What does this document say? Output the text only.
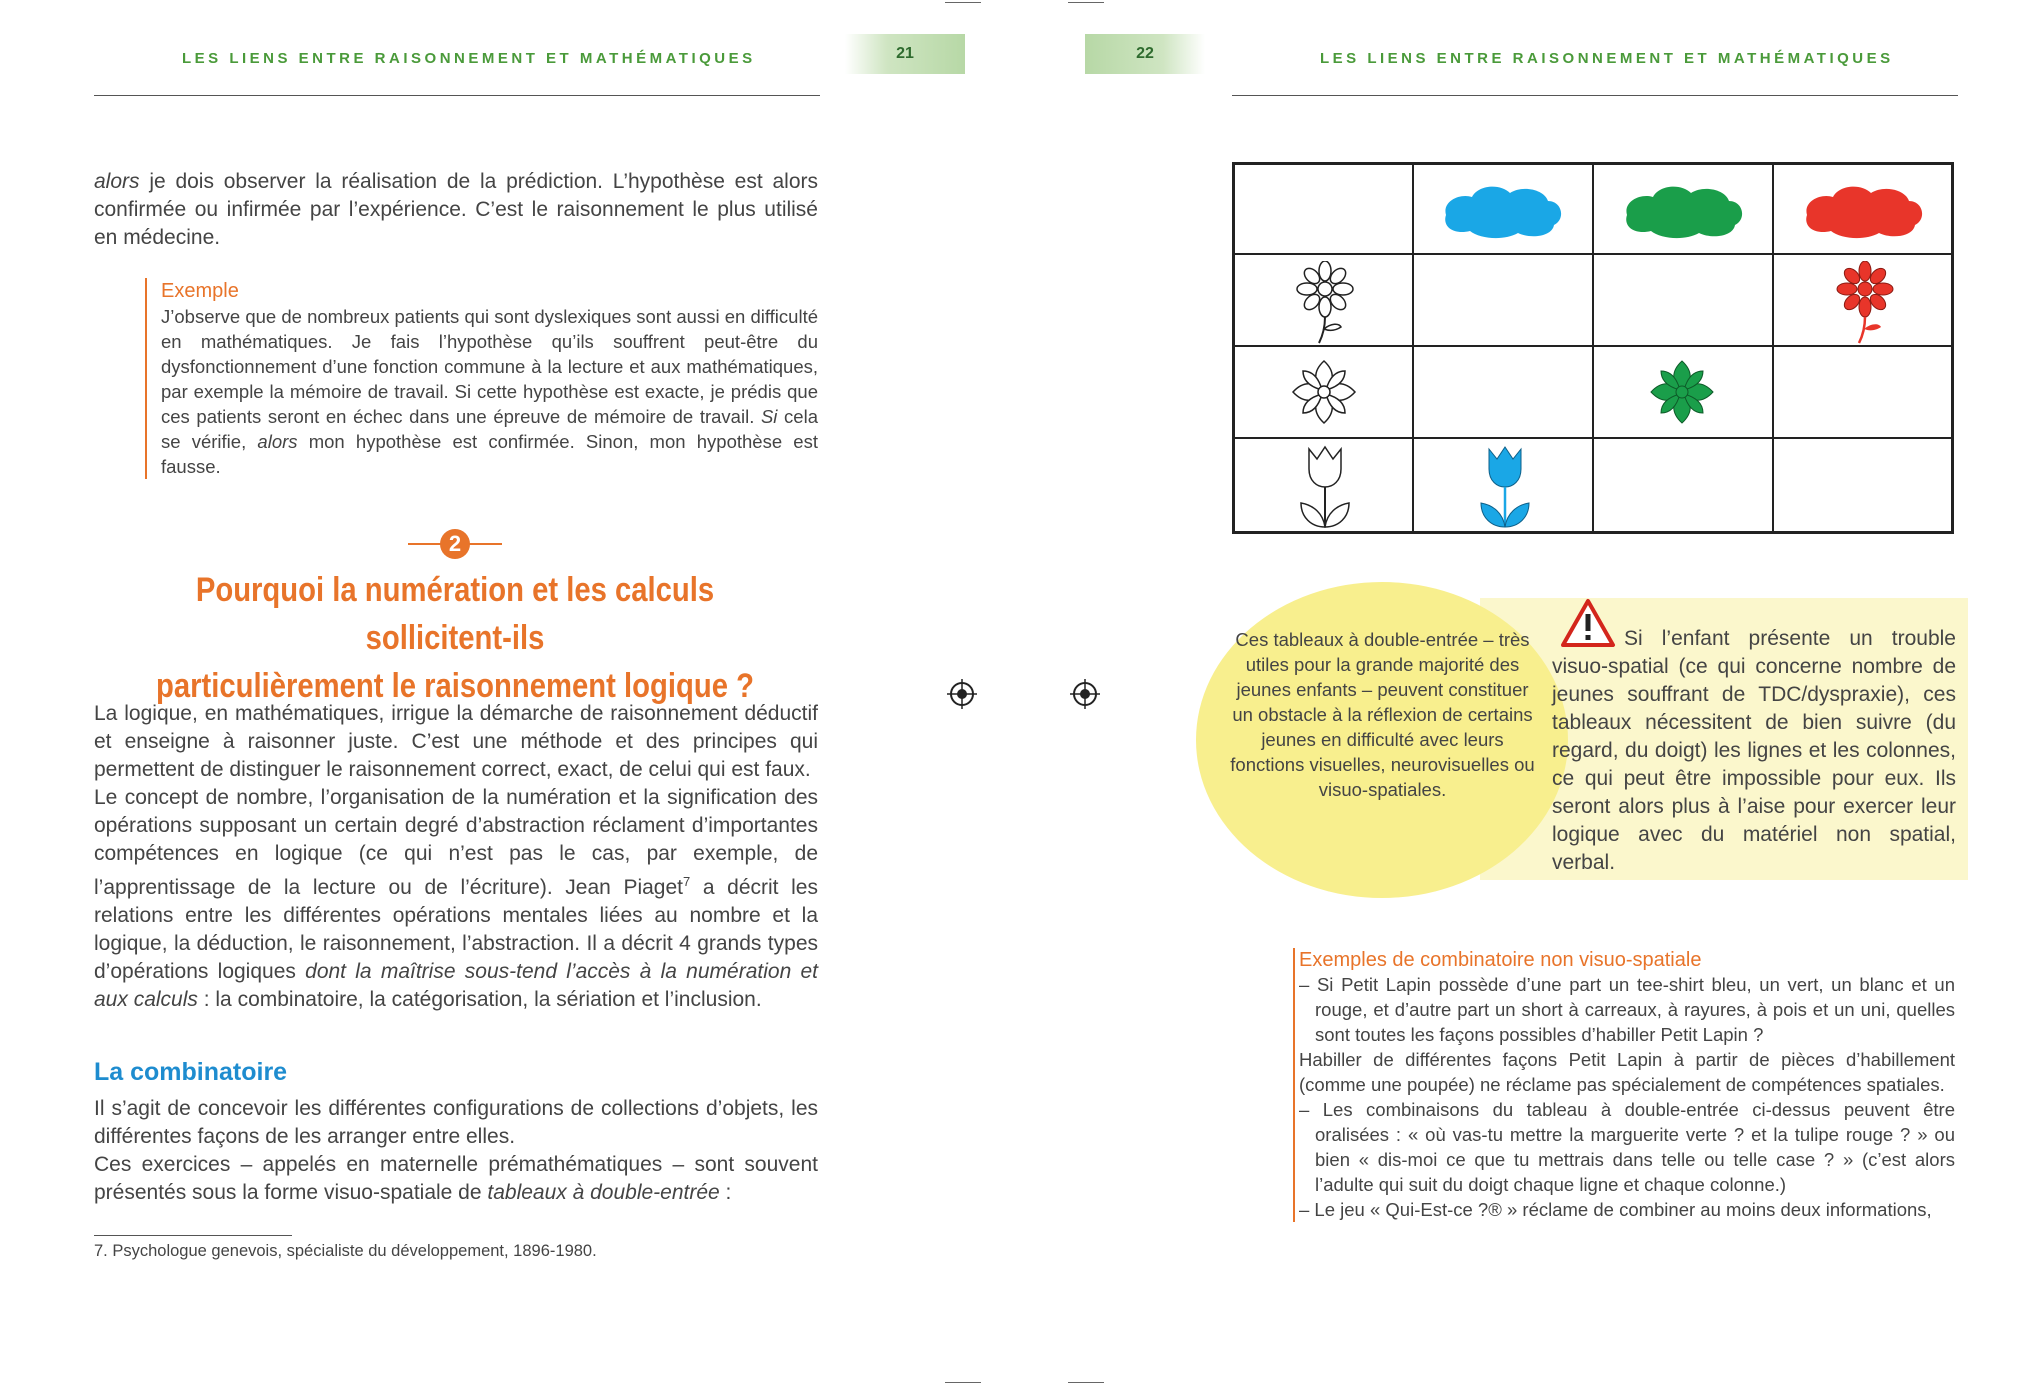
LES LIENS ENTRE RAISONNEMENT ET MATHÉMATIQUES	21	22	LES LIENS ENTRE RAISONNEMENT ET MATHÉMATIQUES

alors je dois observer la réalisation de la prédiction. L’hypothèse est alors confirmée ou infirmée par l’expérience. C’est le raisonnement le plus utilisé en médecine.

Exemple
J’observe que de nombreux patients qui sont dyslexiques sont aussi en difficulté en mathématiques. Je fais l’hypothèse qu’ils souffrent peut-être du dysfonctionnement d’une fonction commune à la lecture et aux mathématiques, par exemple la mémoire de travail. Si cette hypothèse est exacte, je prédis que ces patients seront en échec dans une épreuve de mémoire de travail. Si cela se vérifie, alors mon hypothèse est confirmée. Sinon, mon hypothèse est fausse.
2
Pourquoi la numération et les calculs sollicitent-ils
particulièrement le raisonnement logique ?

La logique, en mathématiques, irrigue la démarche de raisonnement déductif et enseigne à raisonner juste. C’est une méthode et des principes qui permettent de distinguer le raisonnement correct, exact, de celui qui est faux.

Le concept de nombre, l’organisation de la numération et la signification des opérations supposant un certain degré d’abstraction réclament d’importantes compétences en logique (ce qui n’est pas le cas, par exemple, de l’apprentissage de la lecture ou de l’écriture). Jean Piaget$^7$ a décrit les relations entre les différentes opérations mentales liées au nombre et la logique, la déduction, le raisonnement, l’abstraction. Il a décrit 4 grands types d’opérations logiques dont la maîtrise sous-tend l’accès à la numération et aux calculs : la combinatoire, la catégorisation, la sériation et l’inclusion.

La combinatoire

Il s’agit de concevoir les différentes configurations de collections d’objets, les différentes façons de les arranger entre elles.

Ces exercices – appelés en maternelle prémathématiques – sont souvent présentés sous la forme visuo-spatiale de tableaux à double-entrée :

7. Psychologue genevois, spécialiste du développement, 1896-1980.
Ces tableaux à double-entrée – très utiles pour la grande majorité des jeunes enfants – peuvent constituer un obstacle à la réflexion de certains jeunes en difficulté avec leurs fonctions visuelles, neurovisuelles ou visuo-spatiales.
Si l’enfant présente un trouble visuo-spatial (ce qui concerne nombre de jeunes souffrant de TDC/dyspraxie), ces tableaux nécessitent de bien suivre (du regard, du doigt) les lignes et les colonnes, ce qui peut être impossible pour eux. Ils seront alors plus à l’aise pour exercer leur logique avec du matériel non spatial, verbal.
Exemples de combinatoire non visuo-spatiale
– Si Petit Lapin possède d’une part un tee-shirt bleu, un vert, un blanc et un rouge, et d’autre part un short à carreaux, à rayures, à pois et un uni, quelles sont toutes les façons possibles d’habiller Petit Lapin ?
Habiller de différentes façons Petit Lapin à partir de pièces d’habillement (comme une poupée) ne réclame pas spécialement de compétences spatiales.
– Les combinaisons du tableau à double-entrée ci-dessus peuvent être oralisées : « où vas-tu mettre la marguerite verte ? et la tulipe rouge ? » ou bien « dis-moi ce que tu mettrais dans telle ou telle case ? » (c’est alors l’adulte qui suit du doigt chaque ligne et chaque colonne.)
– Le jeu « Qui-Est-ce ?® » réclame de combiner au moins deux informations,
